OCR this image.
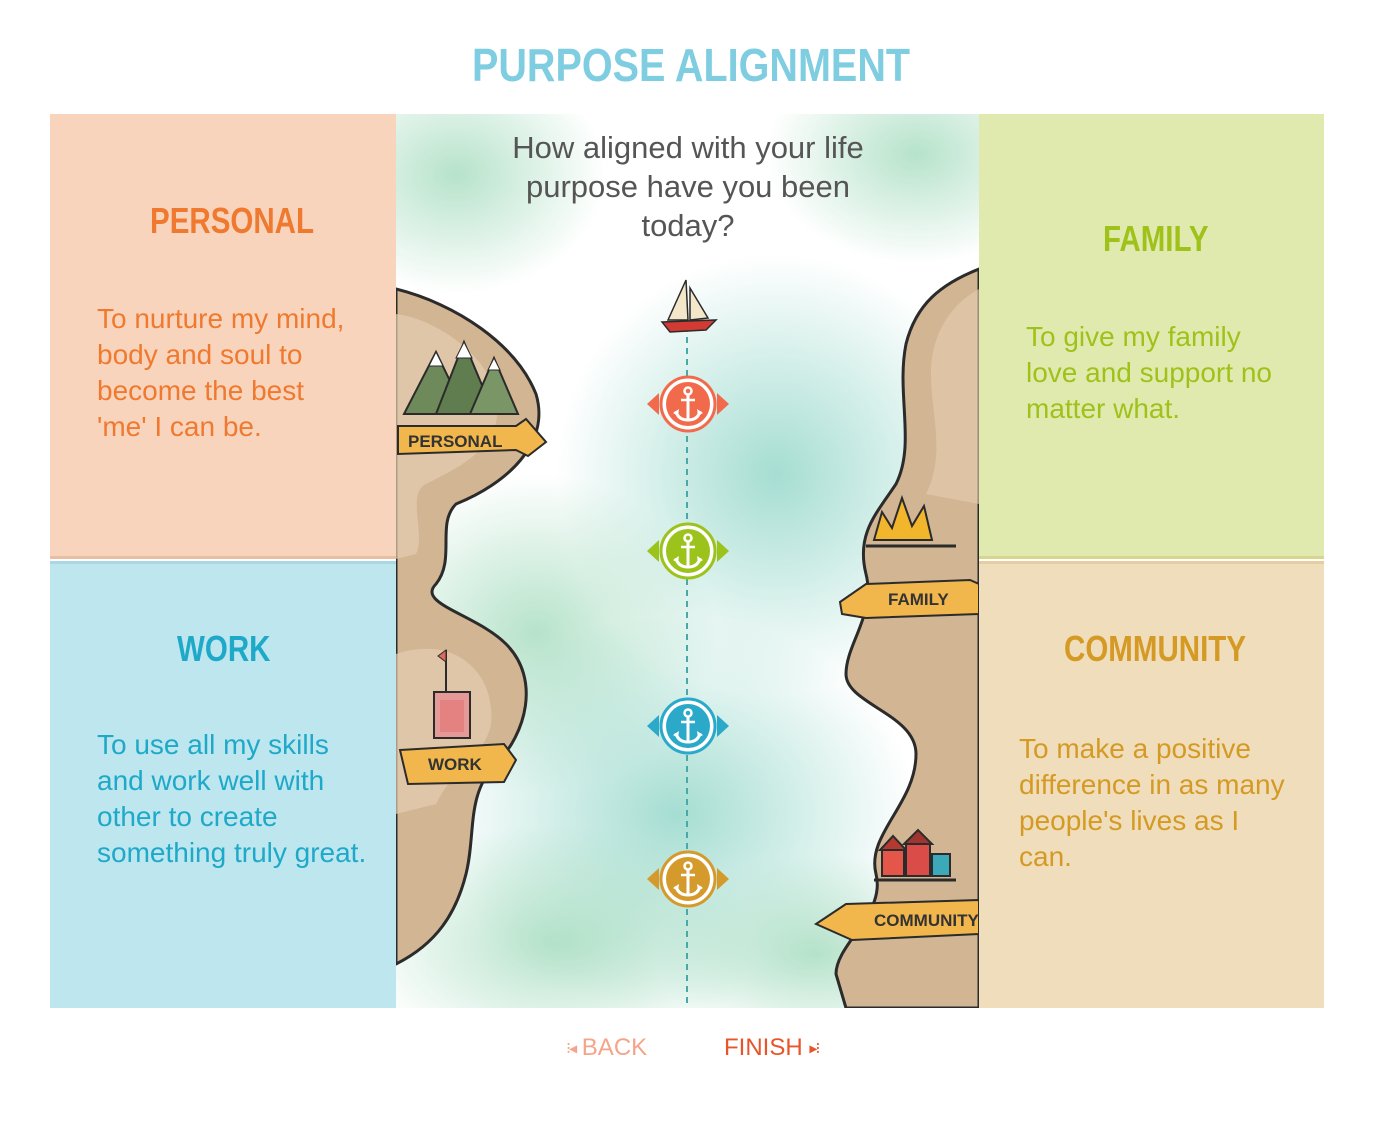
PURPOSE ALIGNMENT
PERSONAL

To nurture my mind, body and soul to become the best 'me' I can be.

WORK

To use all my skills and work well with other to create something truly great.

FAMILY

To give my family love and support no matter what.

COMMUNITY

To make a positive difference in as many people's lives as I can.

PERSONAL
WORK
FAMILY
COMMUNITY
How aligned with your life purpose have you been today?
⁝◂ BACK	FINISH ▸⁝
